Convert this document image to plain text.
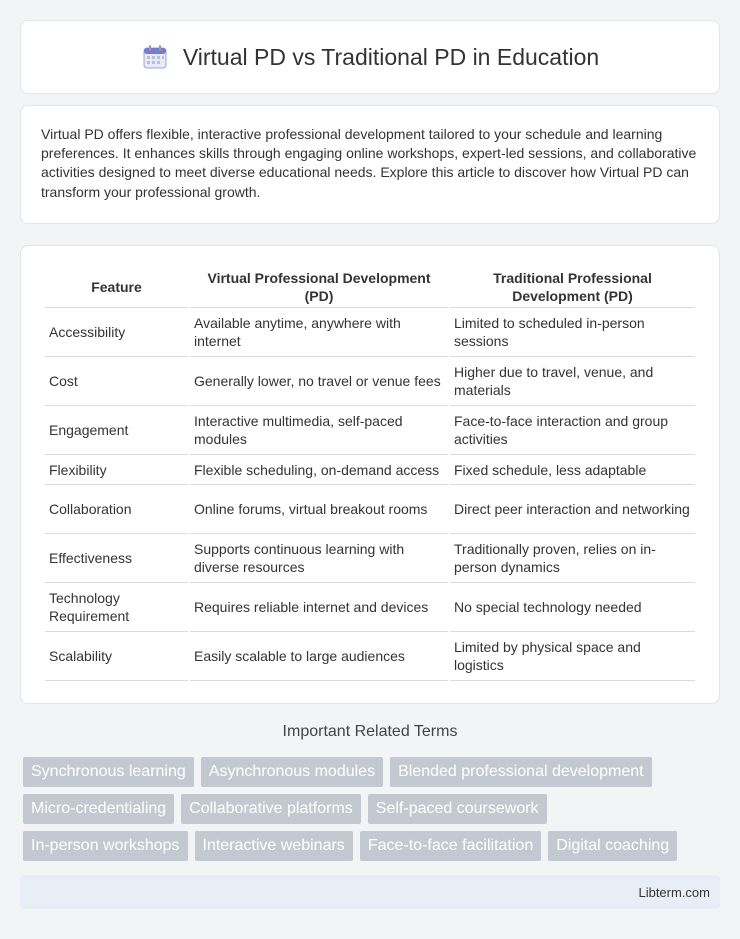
Virtual PD vs Traditional PD in Education

Virtual PD offers flexible, interactive professional development tailored to your schedule and learning preferences. It enhances skills through engaging online workshops, expert-led sessions, and collaborative activities designed to meet diverse educational needs. Explore this article to discover how Virtual PD can transform your professional growth.

Feature	Virtual Professional Development (PD)	Traditional Professional Development (PD)
Accessibility	Available anytime, anywhere with internet	Limited to scheduled in-person sessions
Cost	Generally lower, no travel or venue fees	Higher due to travel, venue, and materials
Engagement	Interactive multimedia, self-paced modules	Face-to-face interaction and group activities
Flexibility	Flexible scheduling, on-demand access	Fixed schedule, less adaptable
Collaboration	Online forums, virtual breakout rooms	Direct peer interaction and networking
Effectiveness	Supports continuous learning with diverse resources	Traditionally proven, relies on in-person dynamics
Technology Requirement	Requires reliable internet and devices	No special technology needed
Scalability	Easily scalable to large audiences	Limited by physical space and logistics
Important Related Terms
Synchronous learning	Asynchronous modules	Blended professional development
Micro-credentialing	Collaborative platforms	Self-paced coursework
In-person workshops	Interactive webinars	Face-to-face facilitation	Digital coaching
Libterm.com
